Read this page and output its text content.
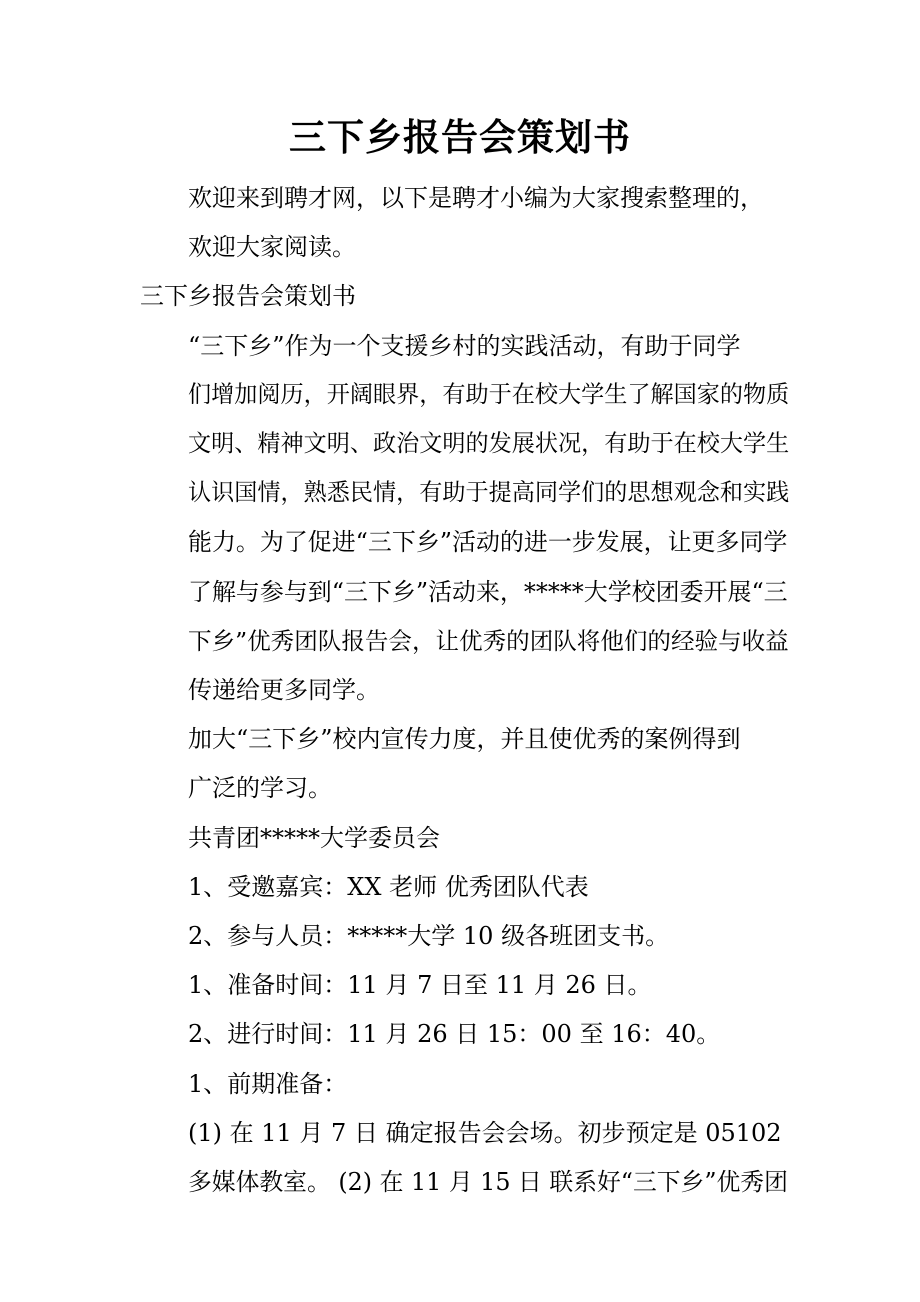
三下乡报告会策划书

欢迎来到聘才网，以下是聘才小编为大家搜索整理的，
欢迎大家阅读。

三下乡报告会策划书

“三下乡”作为一个支援乡村的实践活动，有助于同学
们增加阅历，开阔眼界，有助于在校大学生了解国家的物质
文明、精神文明、政治文明的发展状况，有助于在校大学生
认识国情，熟悉民情，有助于提高同学们的思想观念和实践
能力。为了促进“三下乡”活动的进一步发展，让更多同学
了解与参与到“三下乡”活动来，*****大学校团委开展“三
下乡”优秀团队报告会，让优秀的团队将他们的经验与收益
传递给更多同学。

加大“三下乡”校内宣传力度，并且使优秀的案例得到
广泛的学习。

共青团*****大学委员会

1、受邀嘉宾：XX 老师 优秀团队代表

2、参与人员：*****大学 10 级各班团支书。

1、准备时间：11 月 7 日至 11 月 26 日。

2、进行时间：11 月 26 日 15：00 至 16：40。

1、前期准备：

(1) 在 11 月 7 日 确定报告会会场。初步预定是 05102
多媒体教室。 (2) 在 11 月 15 日 联系好“三下乡”优秀团
